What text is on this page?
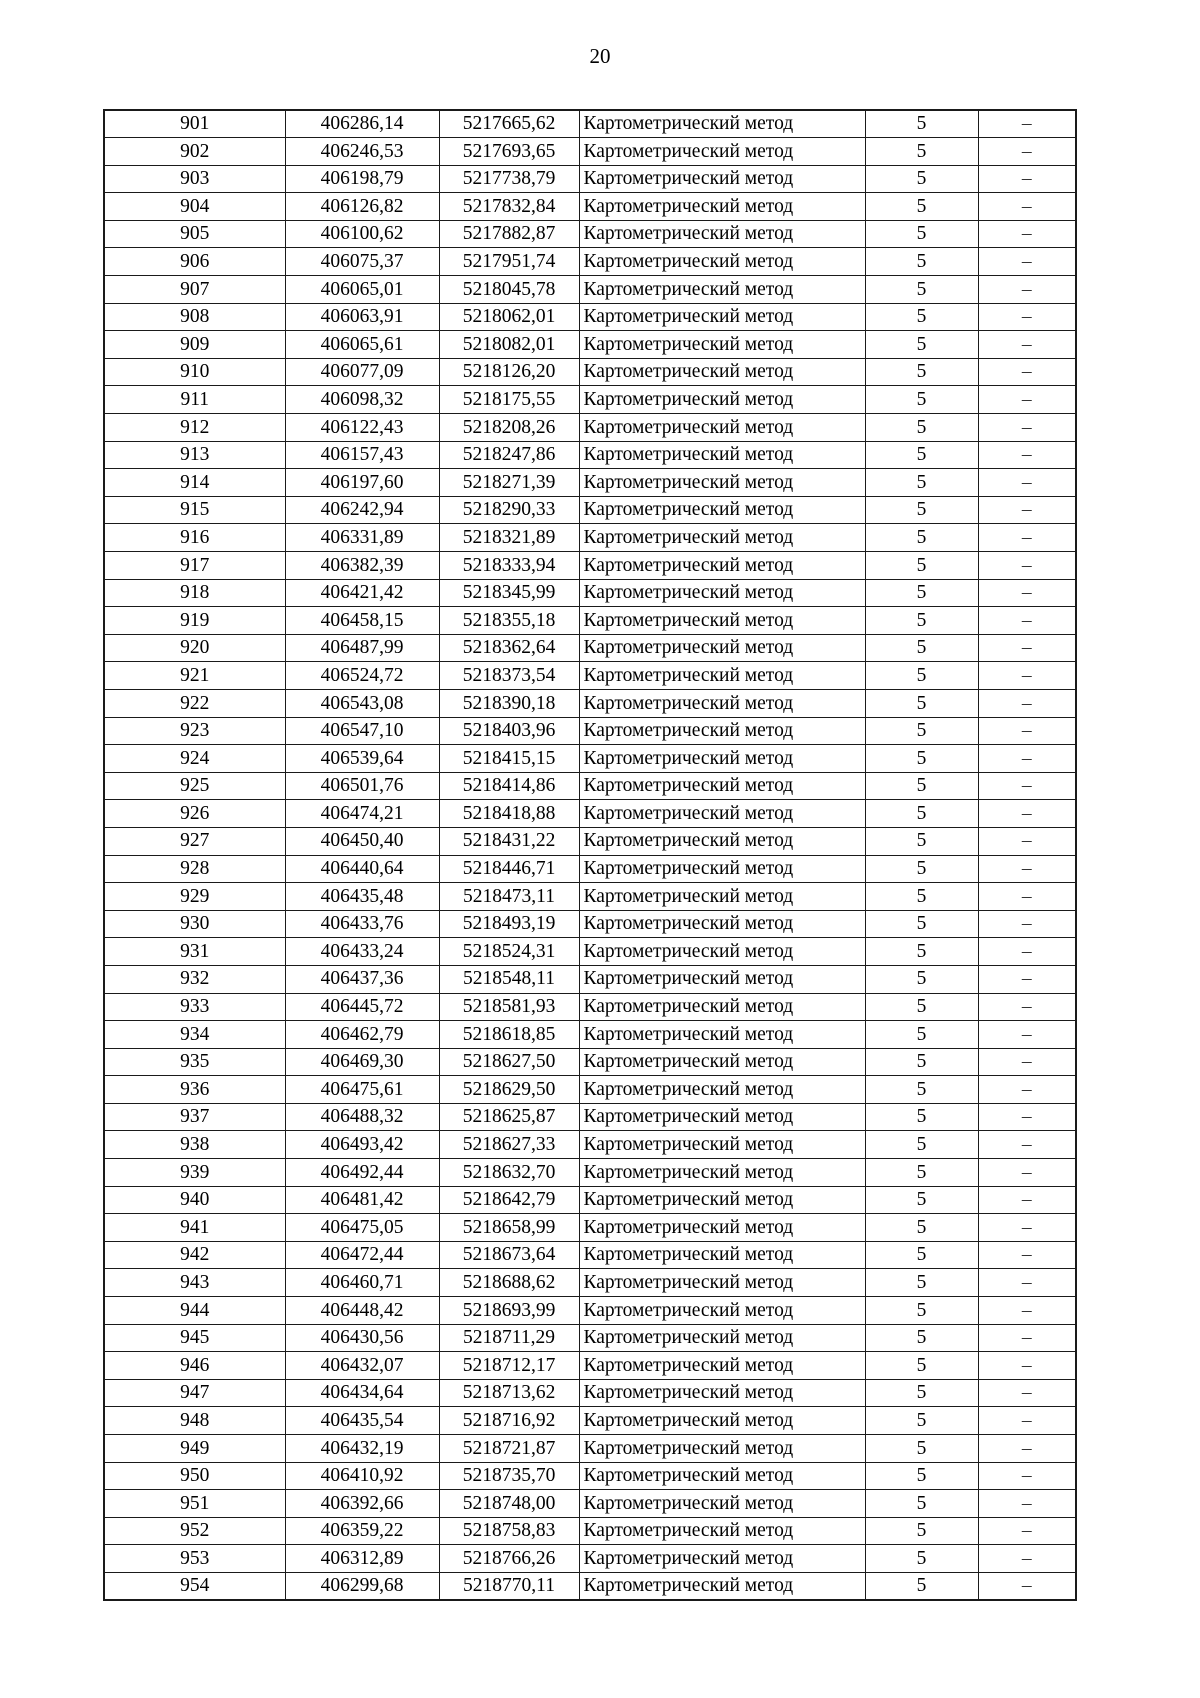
20
901	406286,14	5217665,62	Картометрический метод	5	–
902	406246,53	5217693,65	Картометрический метод	5	–
903	406198,79	5217738,79	Картометрический метод	5	–
904	406126,82	5217832,84	Картометрический метод	5	–
905	406100,62	5217882,87	Картометрический метод	5	–
906	406075,37	5217951,74	Картометрический метод	5	–
907	406065,01	5218045,78	Картометрический метод	5	–
908	406063,91	5218062,01	Картометрический метод	5	–
909	406065,61	5218082,01	Картометрический метод	5	–
910	406077,09	5218126,20	Картометрический метод	5	–
911	406098,32	5218175,55	Картометрический метод	5	–
912	406122,43	5218208,26	Картометрический метод	5	–
913	406157,43	5218247,86	Картометрический метод	5	–
914	406197,60	5218271,39	Картометрический метод	5	–
915	406242,94	5218290,33	Картометрический метод	5	–
916	406331,89	5218321,89	Картометрический метод	5	–
917	406382,39	5218333,94	Картометрический метод	5	–
918	406421,42	5218345,99	Картометрический метод	5	–
919	406458,15	5218355,18	Картометрический метод	5	–
920	406487,99	5218362,64	Картометрический метод	5	–
921	406524,72	5218373,54	Картометрический метод	5	–
922	406543,08	5218390,18	Картометрический метод	5	–
923	406547,10	5218403,96	Картометрический метод	5	–
924	406539,64	5218415,15	Картометрический метод	5	–
925	406501,76	5218414,86	Картометрический метод	5	–
926	406474,21	5218418,88	Картометрический метод	5	–
927	406450,40	5218431,22	Картометрический метод	5	–
928	406440,64	5218446,71	Картометрический метод	5	–
929	406435,48	5218473,11	Картометрический метод	5	–
930	406433,76	5218493,19	Картометрический метод	5	–
931	406433,24	5218524,31	Картометрический метод	5	–
932	406437,36	5218548,11	Картометрический метод	5	–
933	406445,72	5218581,93	Картометрический метод	5	–
934	406462,79	5218618,85	Картометрический метод	5	–
935	406469,30	5218627,50	Картометрический метод	5	–
936	406475,61	5218629,50	Картометрический метод	5	–
937	406488,32	5218625,87	Картометрический метод	5	–
938	406493,42	5218627,33	Картометрический метод	5	–
939	406492,44	5218632,70	Картометрический метод	5	–
940	406481,42	5218642,79	Картометрический метод	5	–
941	406475,05	5218658,99	Картометрический метод	5	–
942	406472,44	5218673,64	Картометрический метод	5	–
943	406460,71	5218688,62	Картометрический метод	5	–
944	406448,42	5218693,99	Картометрический метод	5	–
945	406430,56	5218711,29	Картометрический метод	5	–
946	406432,07	5218712,17	Картометрический метод	5	–
947	406434,64	5218713,62	Картометрический метод	5	–
948	406435,54	5218716,92	Картометрический метод	5	–
949	406432,19	5218721,87	Картометрический метод	5	–
950	406410,92	5218735,70	Картометрический метод	5	–
951	406392,66	5218748,00	Картометрический метод	5	–
952	406359,22	5218758,83	Картометрический метод	5	–
953	406312,89	5218766,26	Картометрический метод	5	–
954	406299,68	5218770,11	Картометрический метод	5	–
